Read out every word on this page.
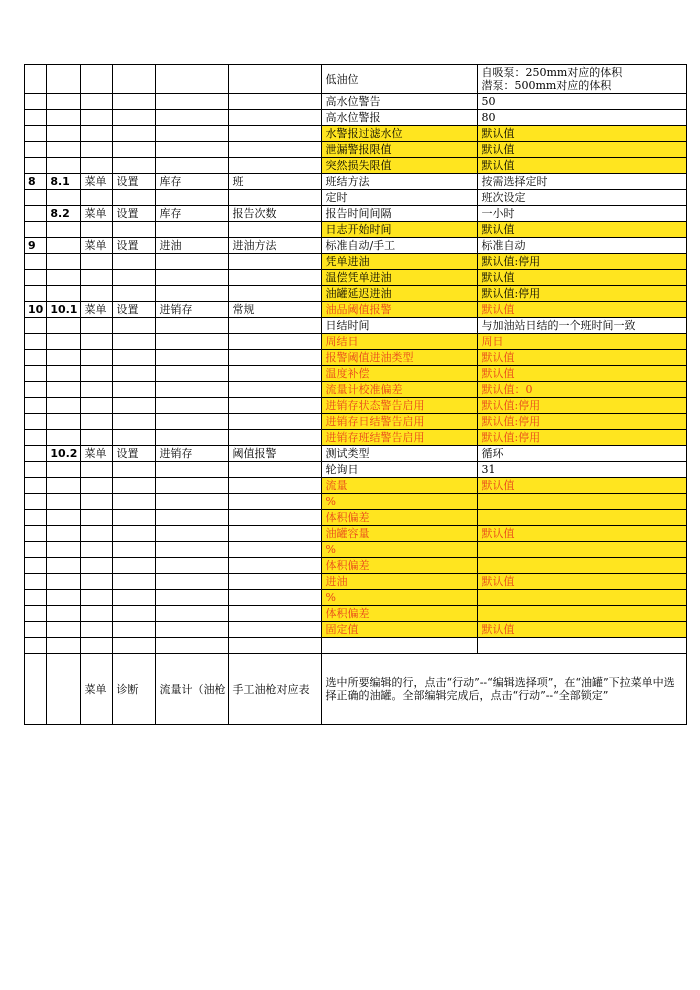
						低油位	自吸泵：250mm对应的体积
潜泵：500mm对应的体积
						高水位警告	50
						高水位警报	80
						水警报过滤水位	默认值
						泄漏警报限值	默认值
						突然损失限值	默认值
8	8.1	菜单	设置	库存	班	班结方法	按需选择定时
						定时	班次设定
	8.2	菜单	设置	库存	报告次数	报告时间间隔	一小时
						日志开始时间	默认值
9		菜单	设置	进油	进油方法	标准自动/手工	标准自动
						凭单进油	默认值:停用
						温偿凭单进油	默认值
						油罐延迟进油	默认值:停用
10	10.1	菜单	设置	进销存	常规	油品阈值报警	默认值
						日结时间	与加油站日结的一个班时间一致
						周结日	周日
						报警阈值进油类型	默认值
						温度补偿	默认值
						流量计校准偏差	默认值：0
						进销存状态警告启用	默认值:停用
						进销存日结警告启用	默认值:停用
						进销存班结警告启用	默认值:停用
	10.2	菜单	设置	进销存	阈值报警	测试类型	循环
						轮询日	31
						流量	默认值
						%	
						体积偏差	
						油罐容量	默认值
						%	
						体积偏差	
						进油	默认值
						%	
						体积偏差	
						固定值	默认值

		菜单	诊断	流量计（油枪	手工油枪对应表	选中所要编辑的行，点击“行动”--“编辑选择项”，在“油罐”下拉菜单中选择正确的油罐。全部编辑完成后，点击“行动”--“全部锁定”	
